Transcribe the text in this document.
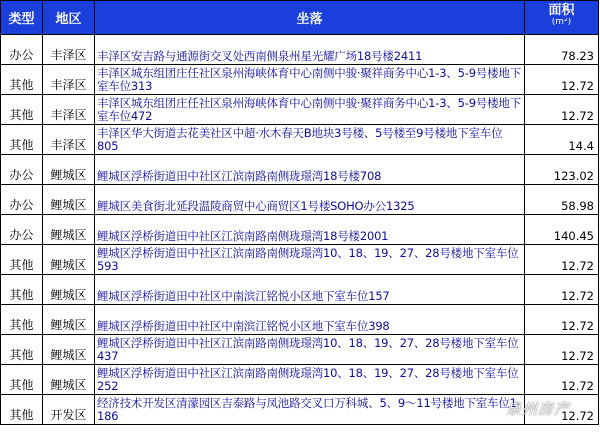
类型	地区	坐落	面积
(m²)

办公	丰泽区	丰泽区安吉路与通源街交叉处西南侧泉州星光耀广场18号楼2411	78.23
其他	丰泽区	丰泽区城东组团庄任社区泉州海峡体育中心南侧中骏·聚祥商务中心1-3、5-9号楼地下室车位313	12.72
其他	丰泽区	丰泽区城东组团庄任社区泉州海峡体育中心南侧中骏·聚祥商务中心1-3、5-9号楼地下室车位472	12.72
其他	丰泽区	丰泽区华大街道去花美社区中超·水木春天B地块3号楼、5号楼至9号楼地下室车位805	14.4
办公	鲤城区	鲤城区浮桥街道田中社区江滨南路南侧珑璟湾18号楼708	123.02
办公	鲤城区	鲤城区美食街北延段温陵商贸中心商贸区1号楼SOHO办公1325	58.98
办公	鲤城区	鲤城区浮桥街道田中社区江滨南路南侧珑璟湾18号楼2001	140.45
其他	鲤城区	鲤城区浮桥街道田中社区江滨南路南侧珑璟湾10、18、19、27、28号楼地下室车位593	12.72
其他	鲤城区	鲤城区浮桥街道田中社区中南滨江铭悦小区地下室车位157	12.72
其他	鲤城区	鲤城区浮桥街道田中社区中南滨江铭悦小区地下室车位398	12.72
其他	鲤城区	鲤城区浮桥街道田中社区江滨南路南侧珑璟湾10、18、19、27、28号楼地下室车位437	12.72
其他	鲤城区	鲤城区浮桥街道田中社区江滨南路南侧珑璟湾10、18、19、27、28号楼地下室车位252	12.72
其他	开发区	经济技术开发区清濛园区吉泰路与凤池路交叉口万科城、5、9～11号楼地下室车位1-186	12.72
泉州房产
